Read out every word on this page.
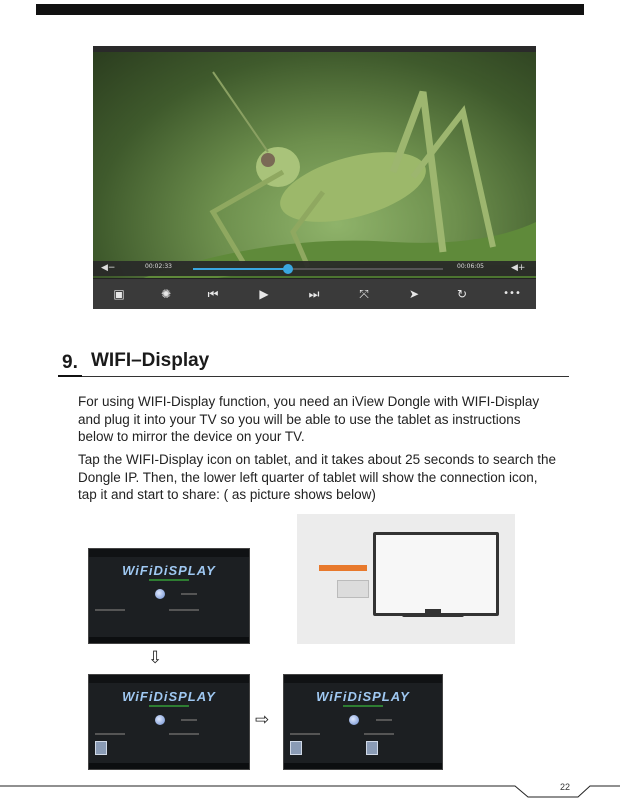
◀−	00:02:33	00:06:05	◀+
▣	✺	⏮	▶	⏭	⤧	➤	↻	•••
9. WIFI–Display
For using WIFI-Display function, you need an iView Dongle with WIFI-Display and plug it into your TV so you will be able to use the tablet as instructions below to mirror the device on your TV.
Tap the WIFI-Display icon on tablet, and it takes about 25 seconds to search the Dongle IP. Then, the lower left quarter of tablet will show the connection icon, tap it and start to share: ( as picture shows below)
WiFiDiSPLAY
⇩
WiFiDiSPLAY
⇨
WiFiDiSPLAY
22
